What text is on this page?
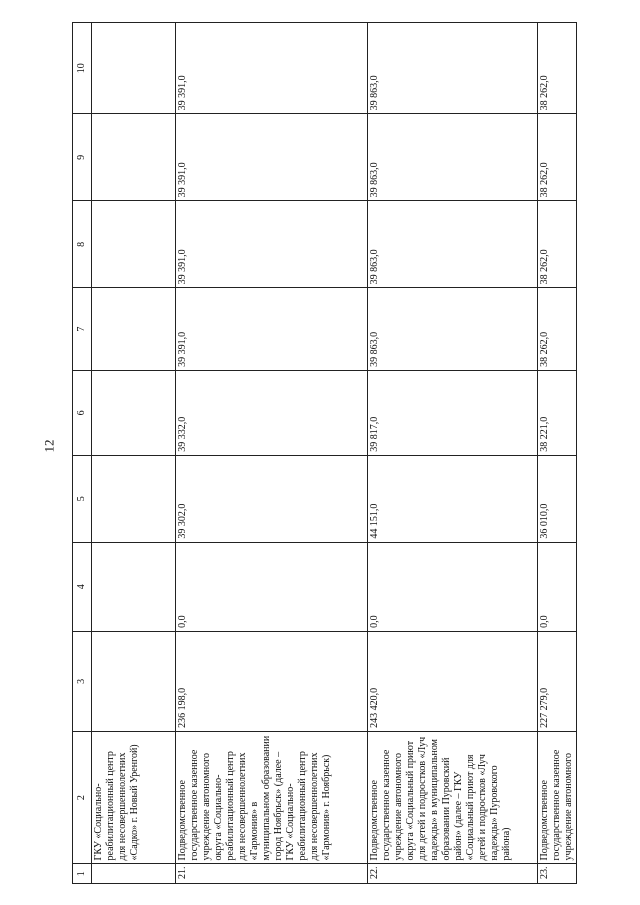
12
1	2	3	4	5	6	7	8	9	10
	ГКУ «Социально-реабилитационный центр для несовершеннолетних «Садко» г. Новый Уренгой)								
21.	Подведомственное государственное казенное учреждение автономного округа «Социально-реабилитационный центр для несовершеннолетних «Гармония» в муниципальном образовании город Ноябрьск» (далее – ГКУ «Социально-реабилитационный центр для несовершеннолетних «Гармония» г. Ноябрьск)	236 198,0	0,0	39 302,0	39 332,0	39 391,0	39 391,0	39 391,0	39 391,0
22.	Подведомственное государственное казенное учреждение автономного округа «Социальный приют для детей и подростков «Луч надежды» в муниципальном образовании Пуровский район» (далее – ГКУ «Социальный приют для детей и подростков «Луч надежды» Пуровского района)	243 420,0	0,0	44 151,0	39 817,0	39 863,0	39 863,0	39 863,0	39 863,0
23.	Подведомственное государственное казенное учреждение автономного	227 279,0	0,0	36 010,0	38 221,0	38 262,0	38 262,0	38 262,0	38 262,0
